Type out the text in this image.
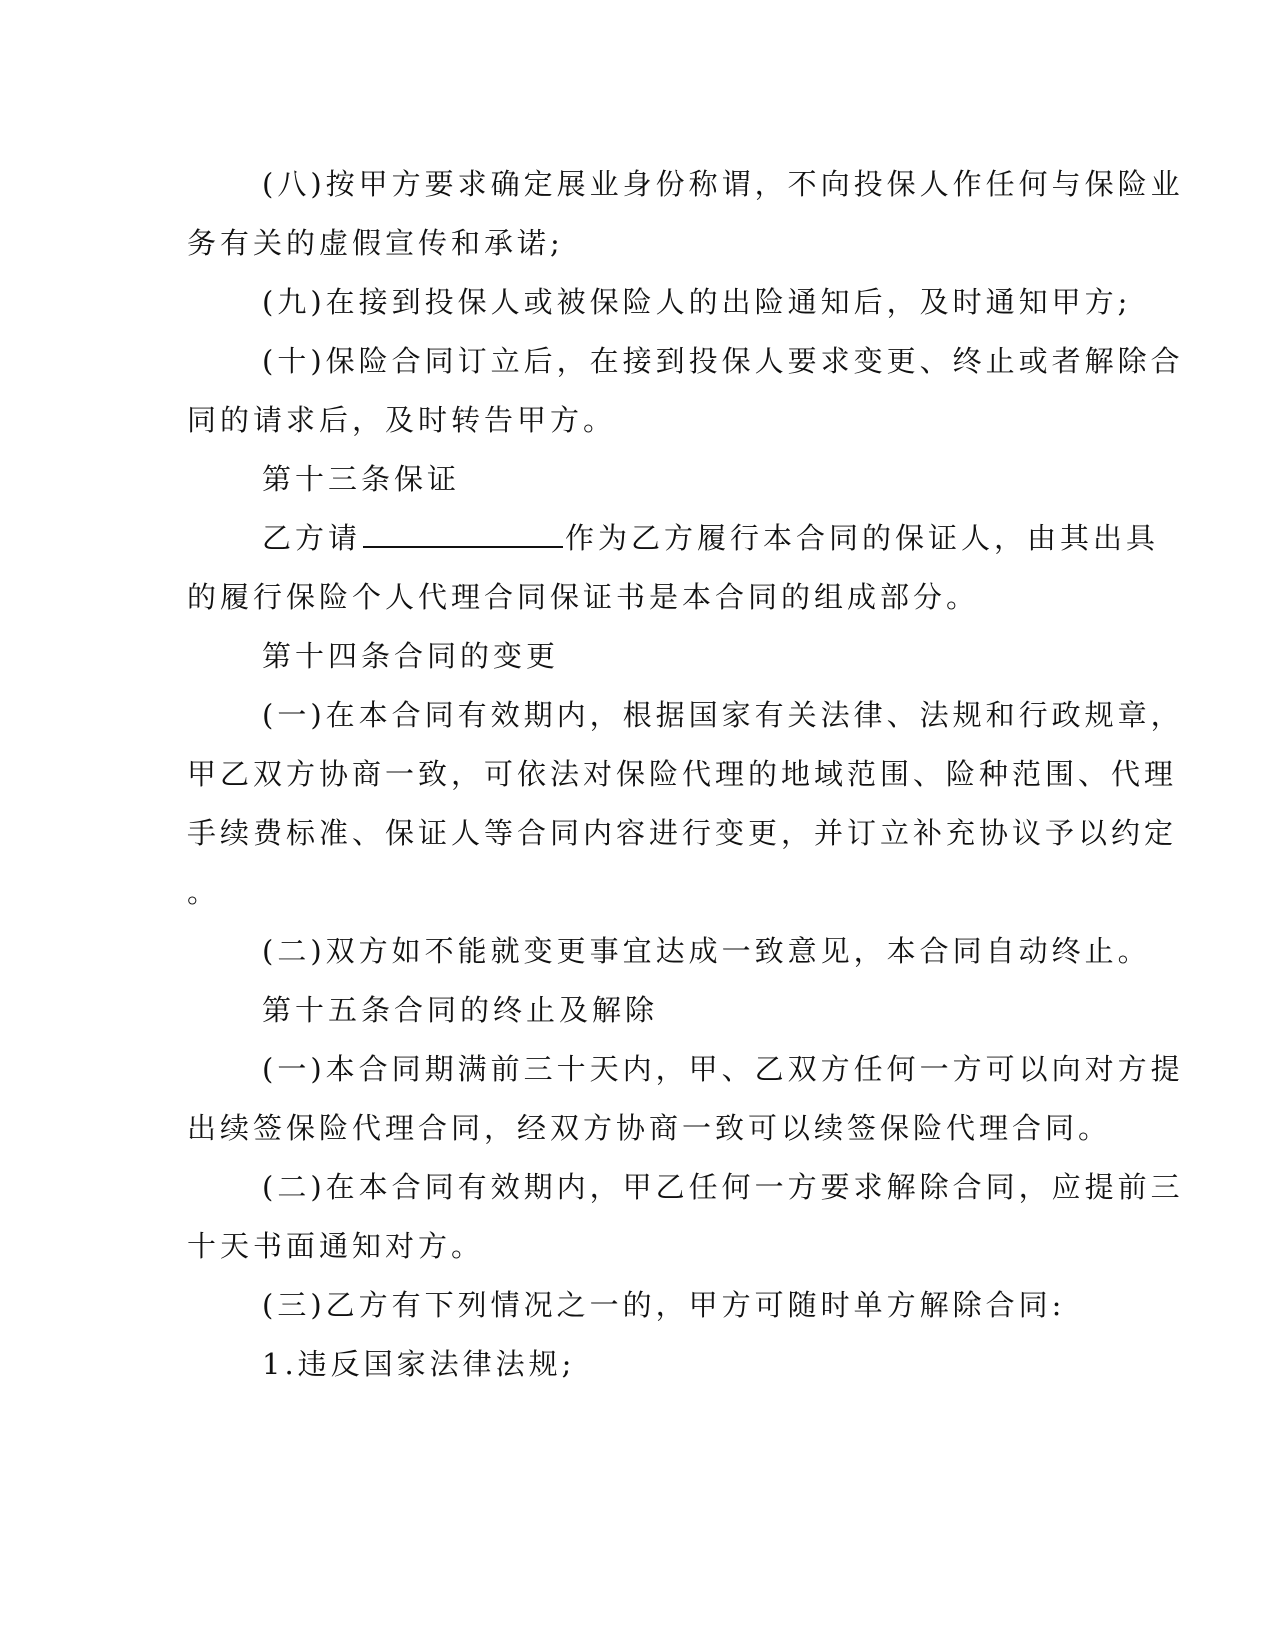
(八)按甲方要求确定展业身份称谓，不向投保人作任何与保险业
务有关的虚假宣传和承诺;
(九)在接到投保人或被保险人的出险通知后，及时通知甲方;
(十)保险合同订立后，在接到投保人要求变更、终止或者解除合
同的请求后，及时转告甲方。
第十三条保证
乙方请	作为乙方履行本合同的保证人，由其出具
的履行保险个人代理合同保证书是本合同的组成部分。
第十四条合同的变更
(一)在本合同有效期内，根据国家有关法律、法规和行政规章，
甲乙双方协商一致，可依法对保险代理的地域范围、险种范围、代理
手续费标准、保证人等合同内容进行变更，并订立补充协议予以约定
。
(二)双方如不能就变更事宜达成一致意见，本合同自动终止。
第十五条合同的终止及解除
(一)本合同期满前三十天内，甲、乙双方任何一方可以向对方提
出续签保险代理合同，经双方协商一致可以续签保险代理合同。
(二)在本合同有效期内，甲乙任何一方要求解除合同，应提前三
十天书面通知对方。
(三)乙方有下列情况之一的，甲方可随时单方解除合同:
1.违反国家法律法规;
